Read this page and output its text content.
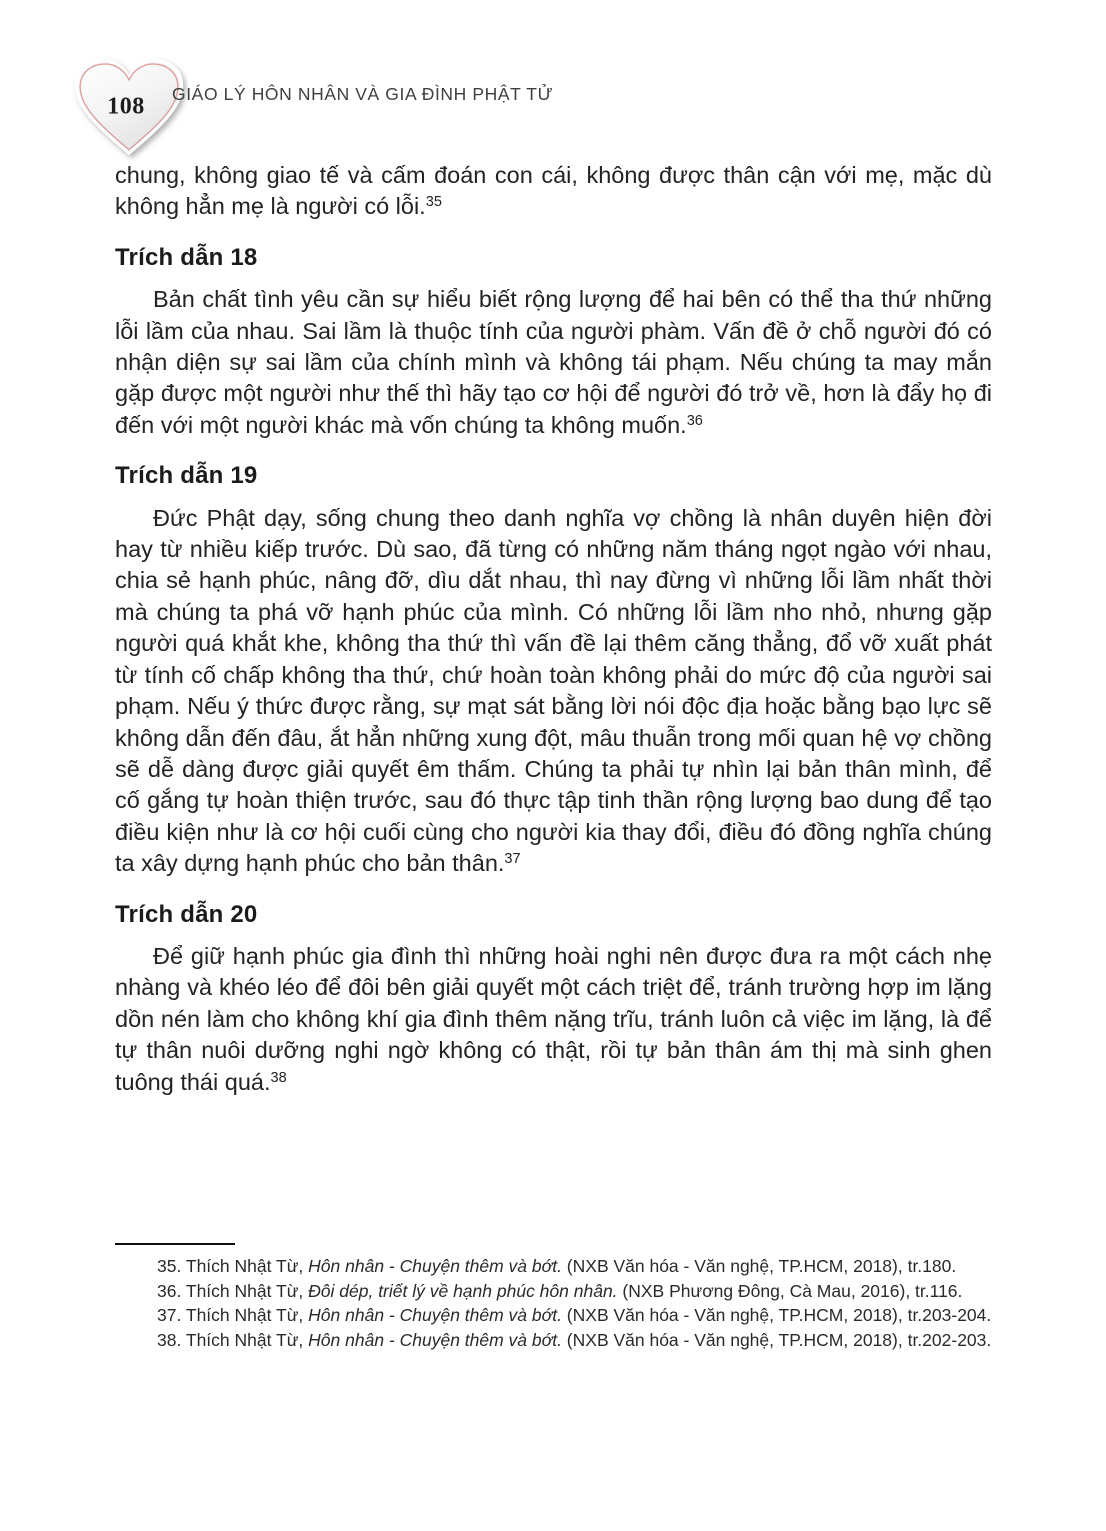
108 GIÁO LÝ HÔN NHÂN VÀ GIA ĐÌNH PHẬT TỬ

chung, không giao tế và cấm đoán con cái, không được thân cận với mẹ, mặc dù không hẳn mẹ là người có lỗi.$^{35}$

Trích dẫn 18

Bản chất tình yêu cần sự hiểu biết rộng lượng để hai bên có thể tha thứ những lỗi lầm của nhau. Sai lầm là thuộc tính của người phàm. Vấn đề ở chỗ người đó có nhận diện sự sai lầm của chính mình và không tái phạm. Nếu chúng ta may mắn gặp được một người như thế thì hãy tạo cơ hội để người đó trở về, hơn là đẩy họ đi đến với một người khác mà vốn chúng ta không muốn.$^{36}$

Trích dẫn 19

Đức Phật dạy, sống chung theo danh nghĩa vợ chồng là nhân duyên hiện đời hay từ nhiều kiếp trước. Dù sao, đã từng có những năm tháng ngọt ngào với nhau, chia sẻ hạnh phúc, nâng đỡ, dìu dắt nhau, thì nay đừng vì những lỗi lầm nhất thời mà chúng ta phá vỡ hạnh phúc của mình. Có những lỗi lầm nho nhỏ, nhưng gặp người quá khắt khe, không tha thứ thì vấn đề lại thêm căng thẳng, đổ vỡ xuất phát từ tính cố chấp không tha thứ, chứ hoàn toàn không phải do mức độ của người sai phạm. Nếu ý thức được rằng, sự mạt sát bằng lời nói độc địa hoặc bằng bạo lực sẽ không dẫn đến đâu, ắt hẳn những xung đột, mâu thuẫn trong mối quan hệ vợ chồng sẽ dễ dàng được giải quyết êm thấm. Chúng ta phải tự nhìn lại bản thân mình, để cố gắng tự hoàn thiện trước, sau đó thực tập tinh thần rộng lượng bao dung để tạo điều kiện như là cơ hội cuối cùng cho người kia thay đổi, điều đó đồng nghĩa chúng ta xây dựng hạnh phúc cho bản thân.$^{37}$

Trích dẫn 20

Để giữ hạnh phúc gia đình thì những hoài nghi nên được đưa ra một cách nhẹ nhàng và khéo léo để đôi bên giải quyết một cách triệt để, tránh trường hợp im lặng dồn nén làm cho không khí gia đình thêm nặng trĩu, tránh luôn cả việc im lặng, là để tự thân nuôi dưỡng nghi ngờ không có thật, rồi tự bản thân ám thị mà sinh ghen tuông thái quá.$^{38}$

35. Thích Nhật Từ, Hôn nhân - Chuyện thêm và bớt. (NXB Văn hóa - Văn nghệ, TP.HCM, 2018), tr.180.

36. Thích Nhật Từ, Đôi dép, triết lý về hạnh phúc hôn nhân. (NXB Phương Đông, Cà Mau, 2016), tr.116.

37. Thích Nhật Từ, Hôn nhân - Chuyện thêm và bớt. (NXB Văn hóa - Văn nghệ, TP.HCM, 2018), tr.203-204.

38. Thích Nhật Từ, Hôn nhân - Chuyện thêm và bớt. (NXB Văn hóa - Văn nghệ, TP.HCM, 2018), tr.202-203.
